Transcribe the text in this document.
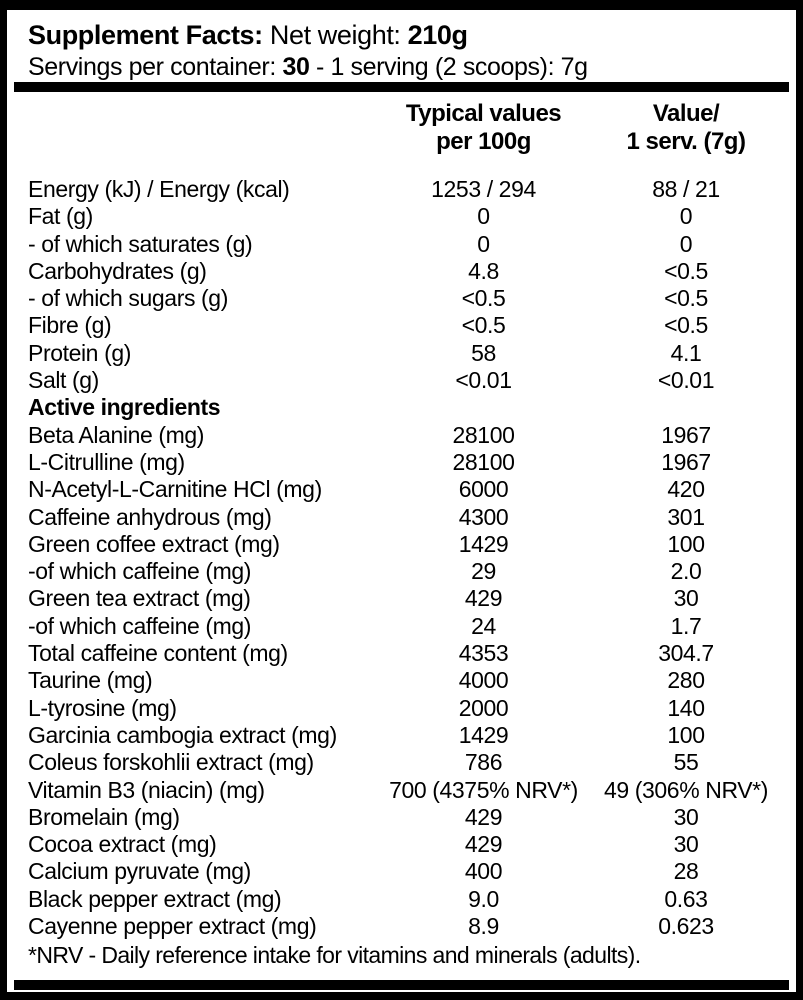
Supplement Facts: Net weight: 210g
Servings per container: 30 - 1 serving (2 scoops): 7g
Typical values
per 100g
Value/
1 serv. (7g)
Energy (kJ) / Energy (kcal)	1253 / 294	88 / 21
Fat (g)	0	0
- of which saturates (g)	0	0
Carbohydrates (g)	4.8	<0.5
- of which sugars (g)	<0.5	<0.5
Fibre (g)	<0.5	<0.5
Protein (g)	58	4.1
Salt (g)	<0.01	<0.01
Active ingredients
Beta Alanine (mg)	28100	1967
L-Citrulline (mg)	28100	1967
N-Acetyl-L-Carnitine HCl (mg)	6000	420
Caffeine anhydrous (mg)	4300	301
Green coffee extract (mg)	1429	100
-of which caffeine (mg)	29	2.0
Green tea extract (mg)	429	30
-of which caffeine (mg)	24	1.7
Total caffeine content (mg)	4353	304.7
Taurine (mg)	4000	280
L-tyrosine (mg)	2000	140
Garcinia cambogia extract (mg)	1429	100
Coleus forskohlii extract (mg)	786	55
Vitamin B3 (niacin) (mg)	700 (4375% NRV*)	49 (306% NRV*)
Bromelain (mg)	429	30
Cocoa extract (mg)	429	30
Calcium pyruvate (mg)	400	28
Black pepper extract (mg)	9.0	0.63
Cayenne pepper extract (mg)	8.9	0.623
*NRV - Daily reference intake for vitamins and minerals (adults).
